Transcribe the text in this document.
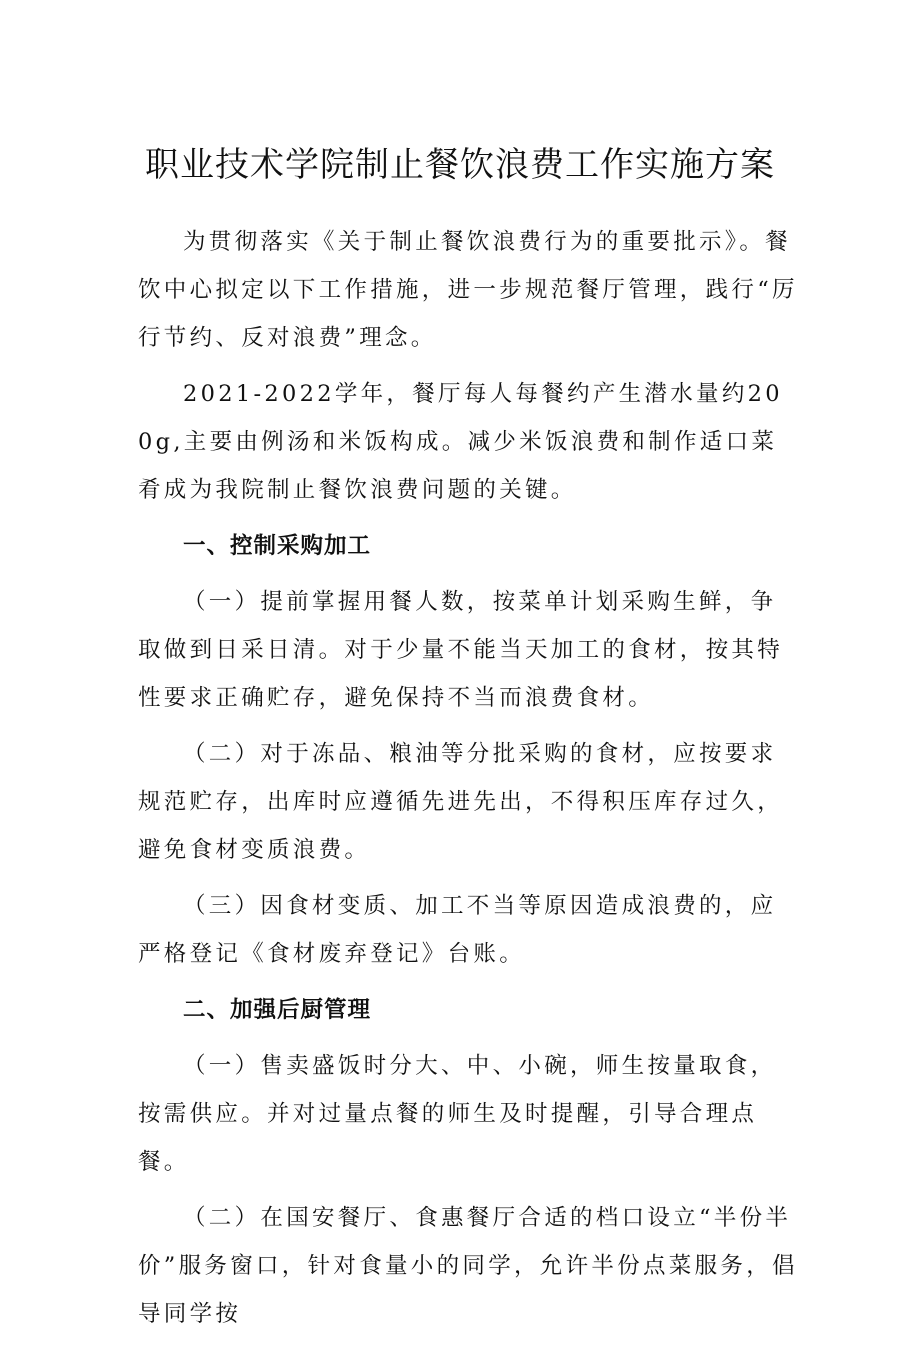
职业技术学院制止餐饮浪费工作实施方案

为贯彻落实《关于制止餐饮浪费行为的重要批示》。餐饮中心拟定以下工作措施，进一步规范餐厅管理，践行“厉行节约、反对浪费”理念。

2021-2022学年，餐厅每人每餐约产生潜水量约200g,主要由例汤和米饭构成。减少米饭浪费和制作适口菜肴成为我院制止餐饮浪费问题的关键。

一、控制采购加工

（一）提前掌握用餐人数，按菜单计划采购生鲜，争取做到日采日清。对于少量不能当天加工的食材，按其特性要求正确贮存，避免保持不当而浪费食材。

（二）对于冻品、粮油等分批采购的食材，应按要求规范贮存，出库时应遵循先进先出，不得积压库存过久，避免食材变质浪费。

（三）因食材变质、加工不当等原因造成浪费的，应严格登记《食材废弃登记》台账。

二、加强后厨管理

（一）售卖盛饭时分大、中、小碗，师生按量取食，按需供应。并对过量点餐的师生及时提醒，引导合理点餐。

（二）在国安餐厅、食惠餐厅合适的档口设立“半份半价”服务窗口，针对食量小的同学，允许半份点菜服务，倡导同学按
